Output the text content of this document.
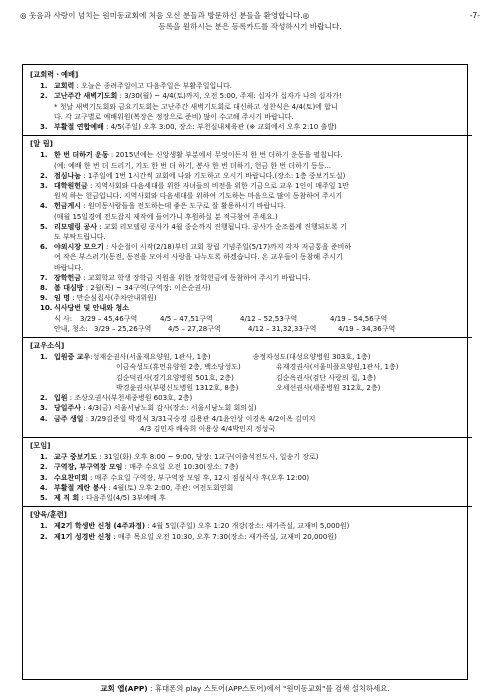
◎ 웃음과 사랑이 넘치는 원미동교회에 처음 오신 분들과 방문하신 분들을 환영합니다.◎	-7-
등록을 원하시는 분은 등록카드를 작성하시기 바랍니다.
[교회력ㆍ예배]
1. 교회력 : 오늘은 종려주일이고 다음주일은 부활주일입니다.
2. 고난주간 새벽기도회 : 3/30(월) ~ 4/4(토)까지, 오전 5:00, 주제: 십자가 십자가 나의 십자가!
* 첫날 새벽기도회와 금요기도회는 고난주간 새벽기도회로 대신하고 성찬식은 4/4(토)에 합니
다. 각 교구별로 예배위원(복장은 정장으로 준비) 많이 수고해 주시기 바랍니다.
3. 부활절 연합예배 : 4/5(주일) 오후 3:00, 장소: 부천실내체육관 (※ 교회에서 오후 2:10 출발)
[알 림]
1. 한 번 더하기 운동 : 2015년에는 신앙생활 부분에서 무엇이든지 한 번 더하기 운동을 펼칩니다.
(예: 예배 한 번 더 드리기, 기도 한 번 더 하기, 봉사 한 번 더하기, 헌금 한 번 더하기 등등...
2. 점심나눔 : 1주일에 1번 1시간씩 교회에 나와 기도하고 오시기 바랍니다.(장소: 1층 중보기도실)
3. 대학원헌금 : 지역사회와 다음세대를 위한 자녀들의 비전을 위한 기금으로 교우 1인이 매주일 1만
원씩 하는 헌금입니다. 지역사회와 다음세대를 위하여 기도하는 마음으로 많이 동참하여 주시기
4. 헌금게시 : 원미동사람들을 전도하는데 좋은 도구로 잘 활용하시기 바랍니다.
(매월 15일경에 전도잡지 제작에 들어가니 후원하실 분 적극참여 주세요.)
5. 리모델링 공사 : 교회 리모델링 공사가 4월 중순까지 진행됩니다. 공사가 순조롭게 진행되도록 기
도 부탁드립니다.
6. 야외시장 모으기 : 사순절이 시작(2/18)부터 교회 창립 기념주일(5/17)까지 각자 저금통을 준비하
여 작은 부스러기(동전, 동전을 모아서 사랑을 나누도록 하겠습니다. 온 교우들이 동참해 주시기
바랍니다.
7. 장학헌금 : 교회학교 학생 장학금 지원을 위한 장학헌금에 동참하여 주시기 바랍니다.
8. 봄 대심방 : 2월(목) ~ 34구역(구역장: 이은순권사)
9. 임 명 : 만순심집사(주차안내위원)
10. 식사당번 및 안내와 청소
식 사:	3/29 – 45,46구역	4/5 – 47,51구역	4/12 – 52,53구역	4/19 – 54,56구역
안내, 청소: 3/29 – 25,26구역	4/5 – 27,28구역	4/12 – 31,32,33구역	4/19 – 34,36구역
[교우소식]
1. 입원중 교우 : 성재순권사(서울재요양원, 1관사, 1층)	송정자성도(대성요양병원 303호, 1층)
이금숙성도(휴먼유양원 2층, 백소당성도)	유재경권사(서울미플요양원,1관사, 1층)
김순덕권사(경기요양병원 501호, 2층)	김순옥권사(검단 사랑의 집, 1층)
박경윤권사(부평신도병원 1312호, 8층)	오세선권사(세종병원 312호, 2층)
2. 입원 : 조상오권사(부천세종병원 603호, 2층)
3. 당일주사 : 4/3(금) 서울서남노회 감사(장소: 서울서남노회 회의실)
4. 금주 생일 : 3/29김준일 박경식 3/31국승경 김용관 4/1윤인상 이경옥 4/2이옥 김미지
4/3 김민자 배숙희 이용상 4/4박민지 정성국
[모임]
1. 교구 중보기도 : 31일(화) 오후 8:00 ~ 9:00, 당장: 1교구(이출석전도사, 일송기 장로)
2. 구역장, 부구역장 모임 : 매주 수요일 오전 10:30(장소: 7층)
3. 수요찬미회 : 매주 수요일 구역장, 부구역장 모임 후, 12시 점심식사 후(오후 12:00)
4. 부활절 계란 봉사 : 4월(토) 오후 2:00, 주관: 여전도회연회
5. 제 직 회 : 다음주일(4/5) 3부예배 후
[양육/훈련]
1. 제2기 학생반 신청 (4주과정) : 4월 5일(주일) 오후 1:20 개강(장소: 새가족실, 교재비 5,000원)
2. 제1기 성경반 신청 : 매주 목요일 오전 10:30, 오후 7:30(장소: 새가족실, 교재비 20,000원)
교회 앱(APP) : 휴대폰의 play 스토어(APP스토어)에서 "원미동교회"를 검색 설치하세요.
